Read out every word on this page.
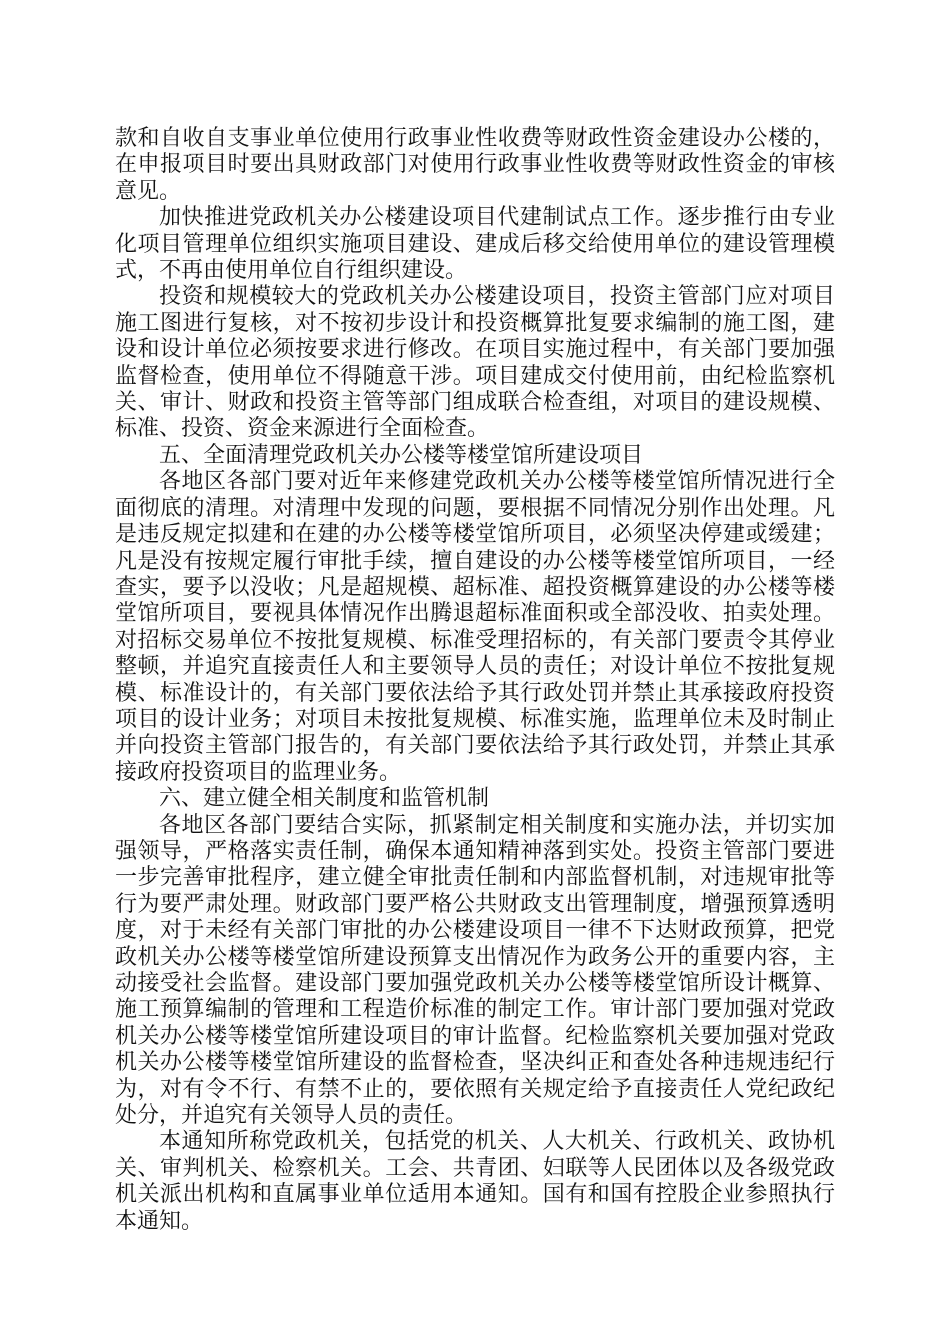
款和自收自支事业单位使用行政事业性收费等财政性资金建设办公楼的，在申报项目时要出具财政部门对使用行政事业性收费等财政性资金的审核意见。

加快推进党政机关办公楼建设项目代建制试点工作。逐步推行由专业化项目管理单位组织实施项目建设、建成后移交给使用单位的建设管理模式，不再由使用单位自行组织建设。

投资和规模较大的党政机关办公楼建设项目，投资主管部门应对项目施工图进行复核，对不按初步设计和投资概算批复要求编制的施工图，建设和设计单位必须按要求进行修改。在项目实施过程中，有关部门要加强监督检查，使用单位不得随意干涉。项目建成交付使用前，由纪检监察机关、审计、财政和投资主管等部门组成联合检查组，对项目的建设规模、标准、投资、资金来源进行全面检查。

五、全面清理党政机关办公楼等楼堂馆所建设项目

各地区各部门要对近年来修建党政机关办公楼等楼堂馆所情况进行全面彻底的清理。对清理中发现的问题，要根据不同情况分别作出处理。凡是违反规定拟建和在建的办公楼等楼堂馆所项目，必须坚决停建或缓建；凡是没有按规定履行审批手续，擅自建设的办公楼等楼堂馆所项目，一经查实，要予以没收；凡是超规模、超标准、超投资概算建设的办公楼等楼堂馆所项目，要视具体情况作出腾退超标准面积或全部没收、拍卖处理。对招标交易单位不按批复规模、标准受理招标的，有关部门要责令其停业整顿，并追究直接责任人和主要领导人员的责任；对设计单位不按批复规模、标准设计的，有关部门要依法给予其行政处罚并禁止其承接政府投资项目的设计业务；对项目未按批复规模、标准实施，监理单位未及时制止并向投资主管部门报告的，有关部门要依法给予其行政处罚，并禁止其承接政府投资项目的监理业务。

六、建立健全相关制度和监管机制

各地区各部门要结合实际，抓紧制定相关制度和实施办法，并切实加强领导，严格落实责任制，确保本通知精神落到实处。投资主管部门要进一步完善审批程序，建立健全审批责任制和内部监督机制，对违规审批等行为要严肃处理。财政部门要严格公共财政支出管理制度，增强预算透明度，对于未经有关部门审批的办公楼建设项目一律不下达财政预算，把党政机关办公楼等楼堂馆所建设预算支出情况作为政务公开的重要内容，主动接受社会监督。建设部门要加强党政机关办公楼等楼堂馆所设计概算、施工预算编制的管理和工程造价标准的制定工作。审计部门要加强对党政机关办公楼等楼堂馆所建设项目的审计监督。纪检监察机关要加强对党政机关办公楼等楼堂馆所建设的监督检查，坚决纠正和查处各种违规违纪行为，对有令不行、有禁不止的，要依照有关规定给予直接责任人党纪政纪处分，并追究有关领导人员的责任。

本通知所称党政机关，包括党的机关、人大机关、行政机关、政协机关、审判机关、检察机关。工会、共青团、妇联等人民团体以及各级党政机关派出机构和直属事业单位适用本通知。国有和国有控股企业参照执行本通知。
